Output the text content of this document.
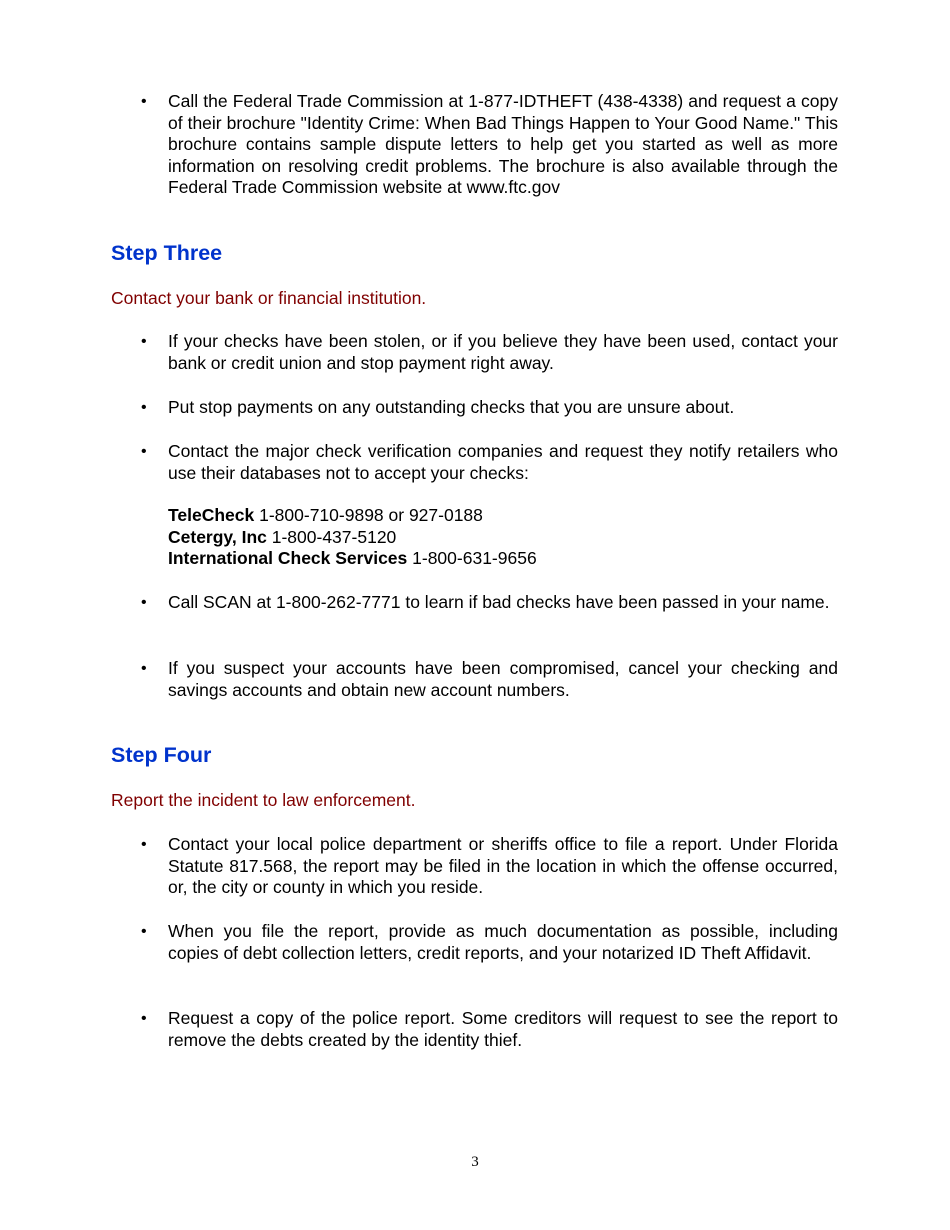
• Call the Federal Trade Commission at 1-877-IDTHEFT (438-4338) and request a copy of their brochure "Identity Crime: When Bad Things Happen to Your Good Name." This brochure contains sample dispute letters to help get you started as well as more information on resolving credit problems. The brochure is also available through the Federal Trade Commission website at www.ftc.gov

Step Three
Contact your bank or financial institution.
• If your checks have been stolen, or if you believe they have been used, contact your bank or credit union and stop payment right away.

• Put stop payments on any outstanding checks that you are unsure about.

• Contact the major check verification companies and request they notify retailers who use their databases not to accept your checks:

TeleCheck 1-800-710-9898 or 927-0188
Cetergy, Inc 1-800-437-5120
International Check Services 1-800-631-9656
• Call SCAN at 1-800-262-7771 to learn if bad checks have been passed in your name.

• If you suspect your accounts have been compromised, cancel your checking and savings accounts and obtain new account numbers.

Step Four
Report the incident to law enforcement.
• Contact your local police department or sheriffs office to file a report. Under Florida Statute 817.568, the report may be filed in the location in which the offense occurred, or, the city or county in which you reside.

• When you file the report, provide as much documentation as possible, including copies of debt collection letters, credit reports, and your notarized ID Theft Affidavit.

• Request a copy of the police report. Some creditors will request to see the report to remove the debts created by the identity thief.

3
